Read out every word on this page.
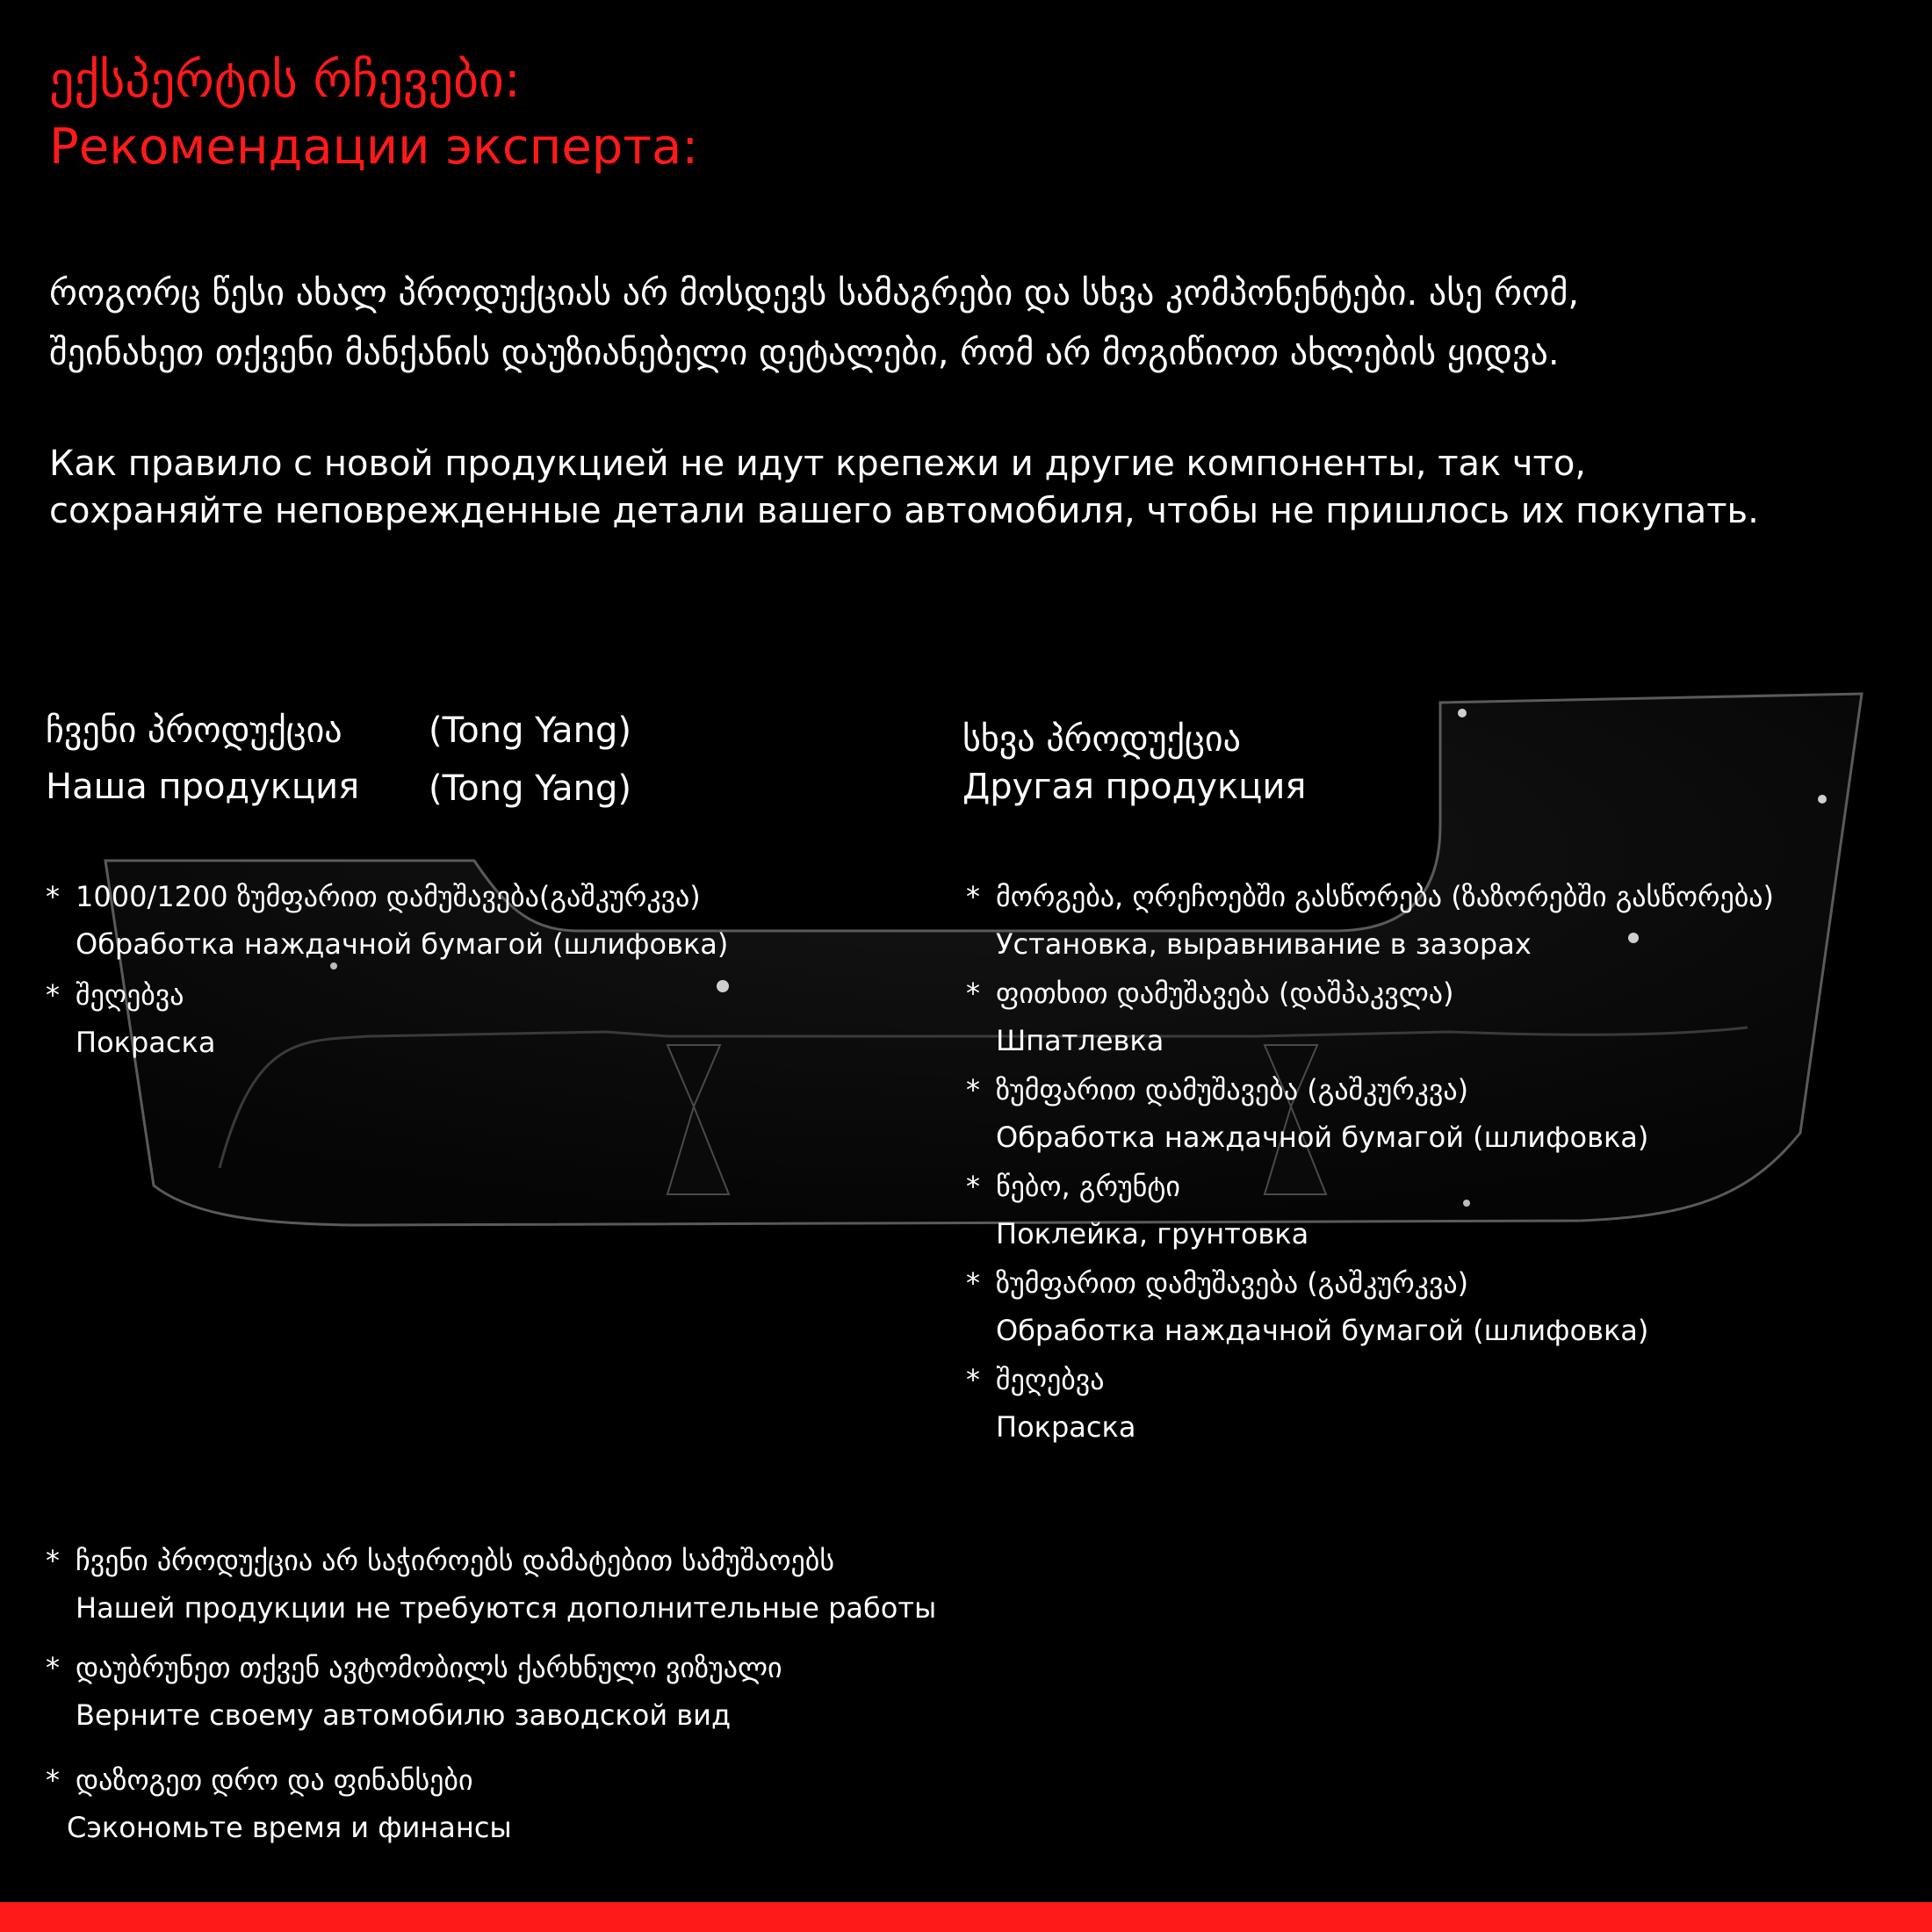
ექსპერტის რჩევები:
Рекомендации эксперта:
როგორც წესი ახალ პროდუქციას არ მოსდევს სამაგრები და სხვა კომპონენტები. ასე რომ,
შეინახეთ თქვენი მანქანის დაუზიანებელი დეტალები, რომ არ მოგიწიოთ ახლების ყიდვა.
Как правило с новой продукцией не идут крепежи и другие компоненты, так что,
сохраняйте неповрежденные детали вашего автомобиля, чтобы не пришлось их покупать.
ჩვენი პროდუქცია
Наша продукция
(Tong Yang)
(Tong Yang)
* 1000/1200 ზუმფარით დამუშავება(გაშკურკვა)
Обработка наждачной бумагой (шлифовка)
* შეღებვა
Покраска
სხვა პროდუქცია
Другая продукция
* მორგება, ღრეჩოებში გასწორება (ზაზორებში გასწორება)
Установка, выравнивание в зазорах
* ფითხით დამუშავება (დაშპაკვლა)
Шпатлевка
* ზუმფარით დამუშავება (გაშკურკვა)
Обработка наждачной бумагой (шлифовка)
* წებო, გრუნტი
Поклейка, грунтовка
* ზუმფარით დამუშავება (გაშკურკვა)
Обработка наждачной бумагой (шлифовка)
* შეღებვა
Покраска
* ჩვენი პროდუქცია არ საჭიროებს დამატებით სამუშაოებს
Нашей продукции не требуются дополнительные работы
* დაუბრუნეთ თქვენ ავტომობილს ქარხნული ვიზუალი
Верните своему автомобилю заводской вид
* დაზოგეთ დრო და ფინანსები
Сэкономьте время и финансы
